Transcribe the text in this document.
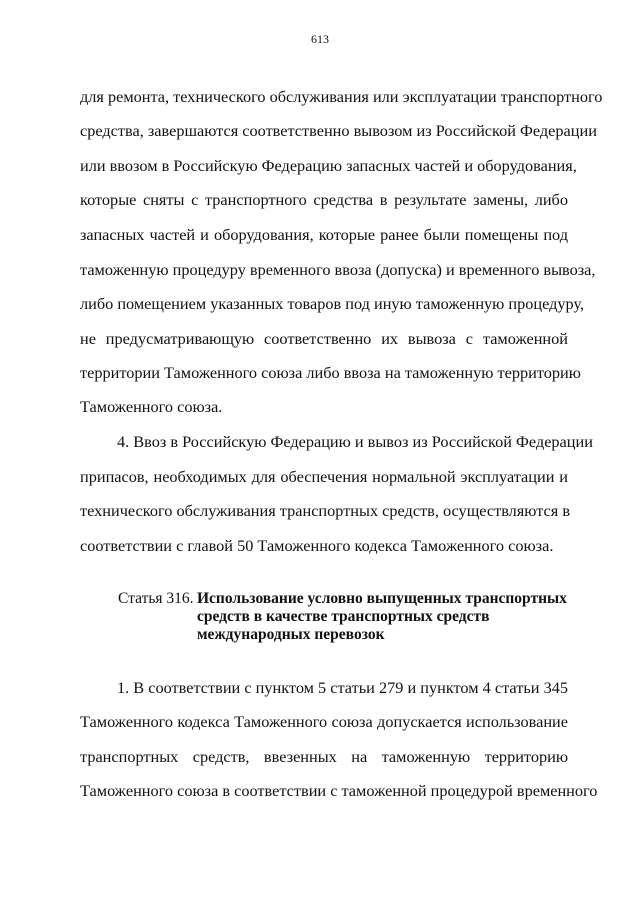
613
для ремонта, технического обслуживания или эксплуатации транспортного
средства, завершаются соответственно вывозом из Российской Федерации
или ввозом в Российскую Федерацию запасных частей и оборудования,
которые сняты с транспортного средства в результате замены, либо
запасных частей и оборудования, которые ранее были помещены под
таможенную процедуру временного ввоза (допуска) и временного вывоза,
либо помещением указанных товаров под иную таможенную процедуру,
не предусматривающую соответственно их вывоза с таможенной
территории Таможенного союза либо ввоза на таможенную территорию
Таможенного союза.
4. Ввоз в Российскую Федерацию и вывоз из Российской Федерации
припасов, необходимых для обеспечения нормальной эксплуатации и
технического обслуживания транспортных средств, осуществляются в
соответствии с главой 50 Таможенного кодекса Таможенного союза.
Статья 316. Использование условно выпущенных транспортных
средств в качестве транспортных средств
международных перевозок
1. В соответствии с пунктом 5 статьи 279 и пунктом 4 статьи 345
Таможенного кодекса Таможенного союза допускается использование
транспортных средств, ввезенных на таможенную территорию
Таможенного союза в соответствии с таможенной процедурой временного
